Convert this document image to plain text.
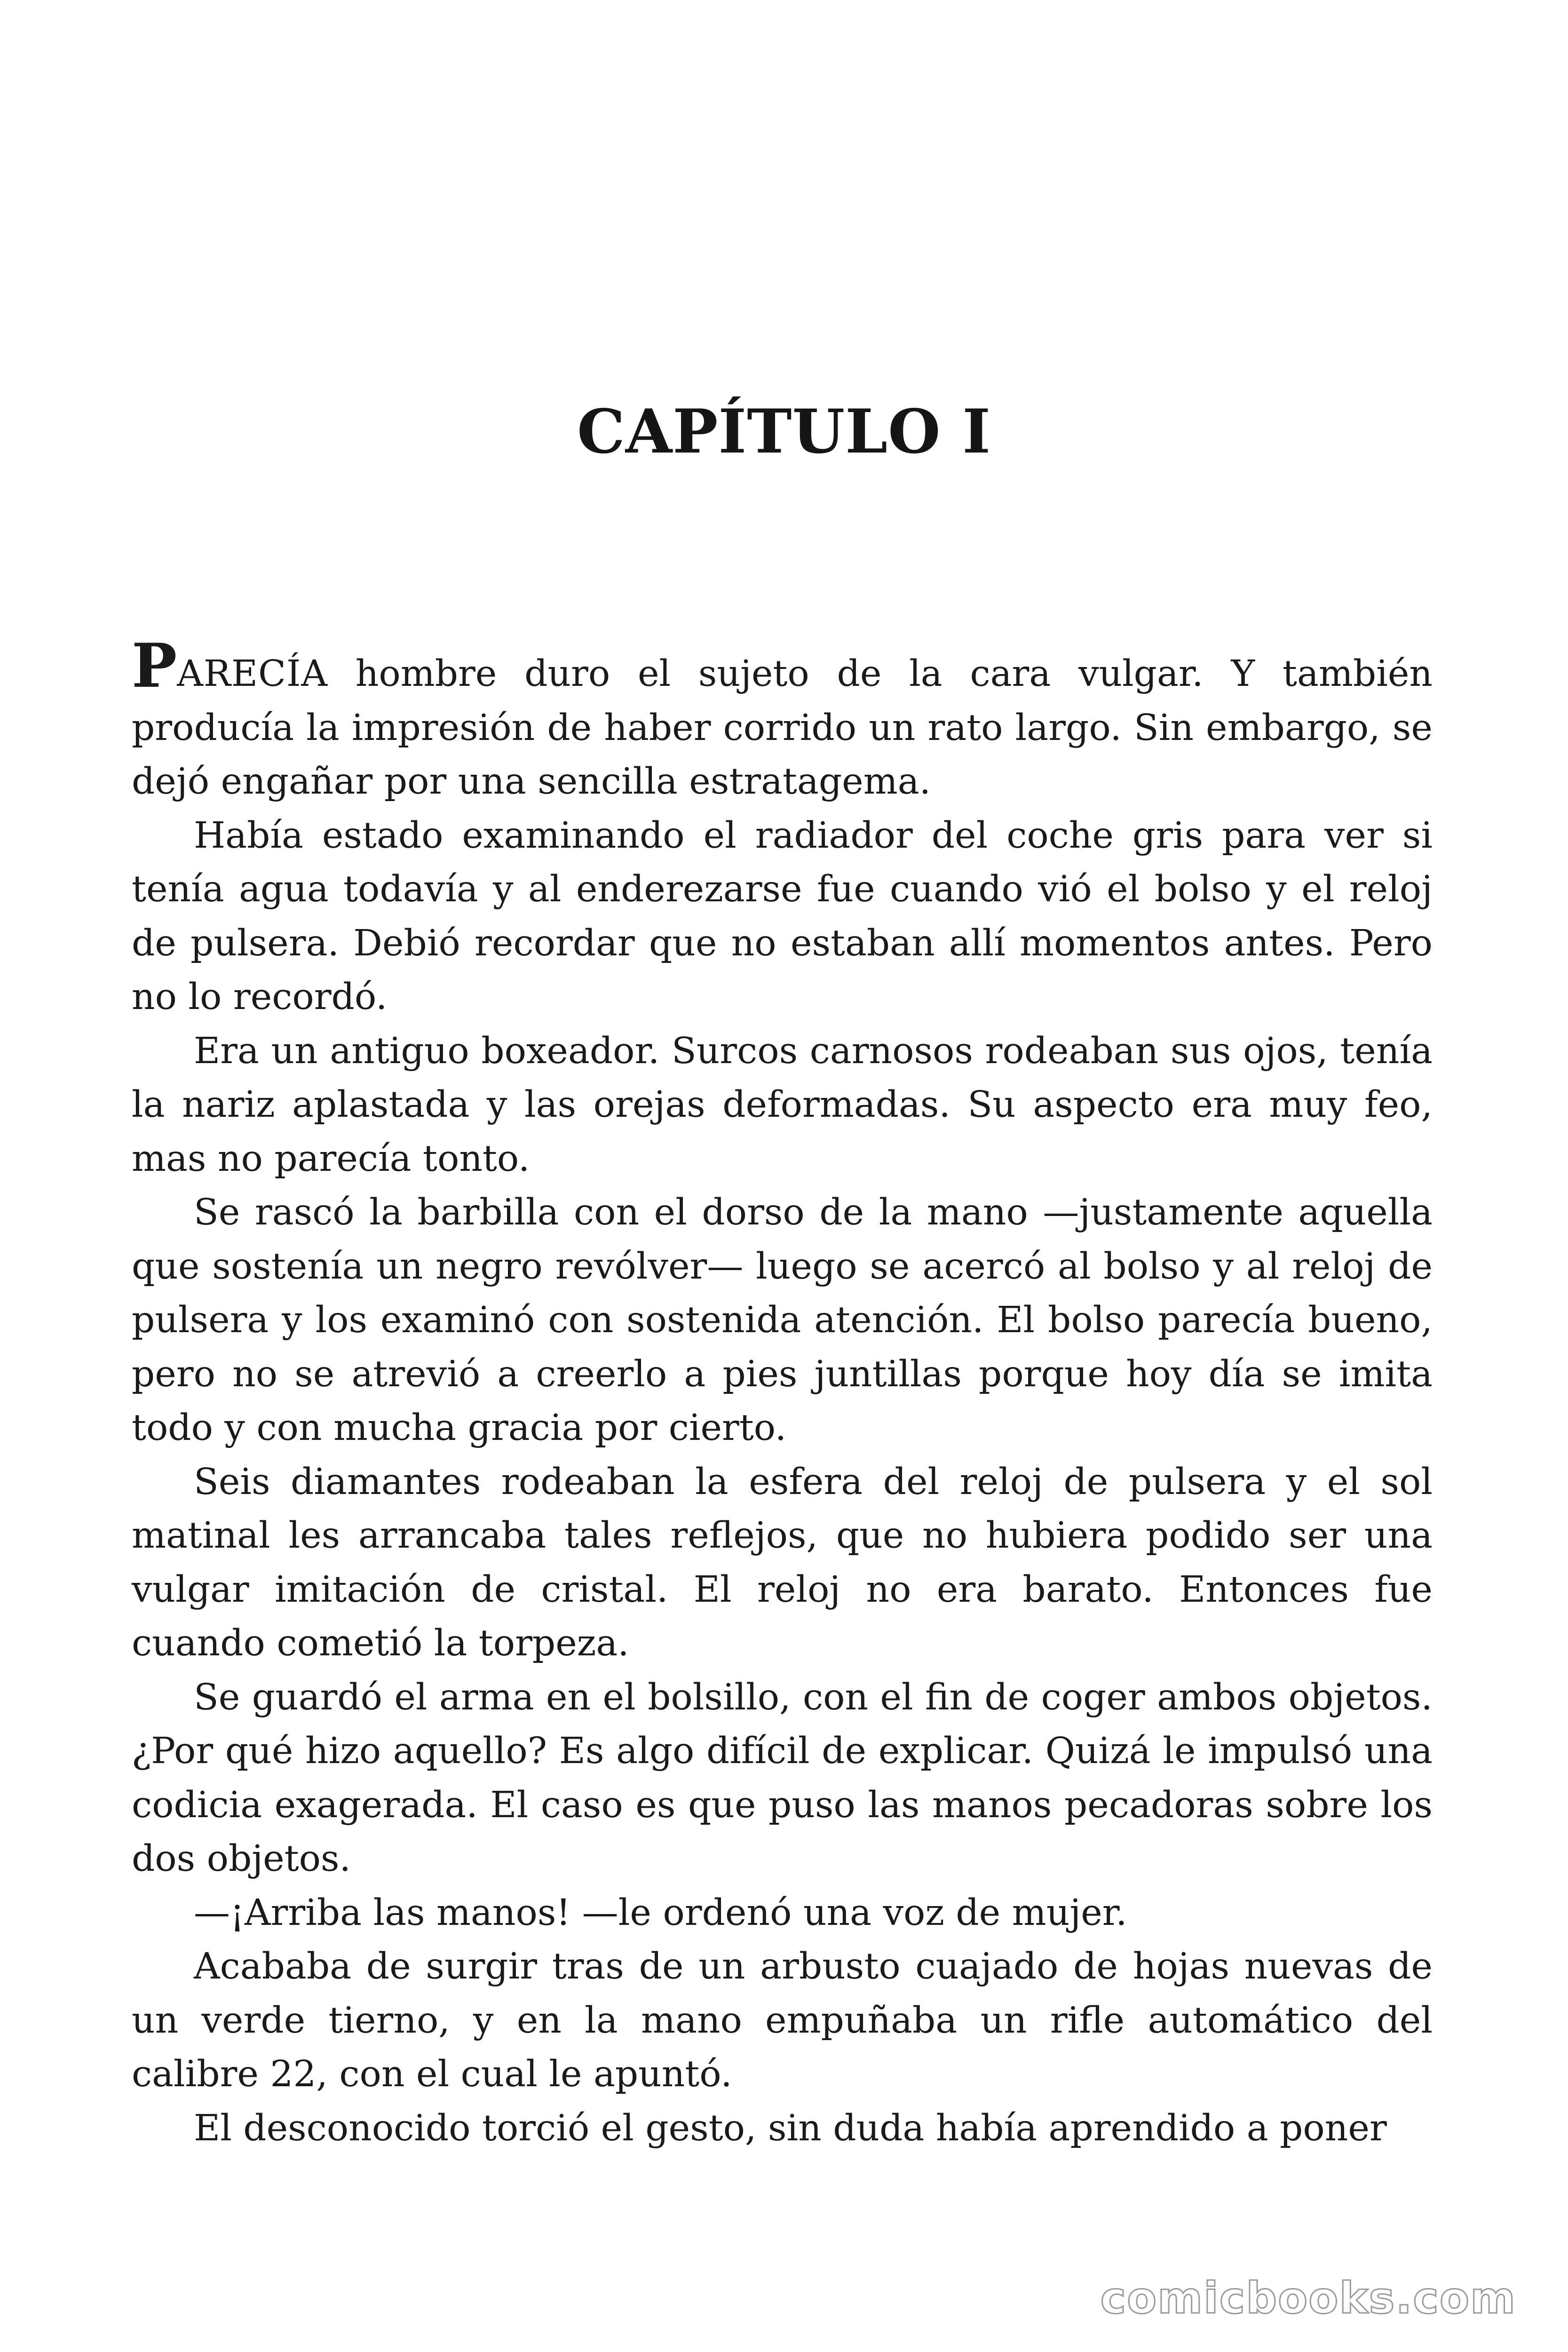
CAPÍTULO I

PARECÍA hombre duro el sujeto de la cara vulgar. Y también producía la impresión de haber corrido un rato largo. Sin embargo, se dejó engañar por una sencilla estratagema.

Había estado examinando el radiador del coche gris para ver si tenía agua todavía y al enderezarse fue cuando vió el bolso y el reloj de pulsera. Debió recordar que no estaban allí momentos antes. Pero no lo recordó.

Era un antiguo boxeador. Surcos carnosos rodeaban sus ojos, tenía la nariz aplastada y las orejas deformadas. Su aspecto era muy feo, mas no parecía tonto.

Se rascó la barbilla con el dorso de la mano —justamente aquella que sostenía un negro revólver— luego se acercó al bolso y al reloj de pulsera y los examinó con sostenida atención. El bolso parecía bueno, pero no se atrevió a creerlo a pies juntillas porque hoy día se imita todo y con mucha gracia por cierto.

Seis diamantes rodeaban la esfera del reloj de pulsera y el sol matinal les arrancaba tales reflejos, que no hubiera podido ser una vulgar imitación de cristal. El reloj no era barato. Entonces fue cuando cometió la torpeza.

Se guardó el arma en el bolsillo, con el fin de coger ambos objetos. ¿Por qué hizo aquello? Es algo difícil de explicar. Quizá le impulsó una codicia exagerada. El caso es que puso las manos pecadoras sobre los dos objetos.

—¡Arriba las manos! —le ordenó una voz de mujer.

Acababa de surgir tras de un arbusto cuajado de hojas nuevas de un verde tierno, y en la mano empuñaba un rifle automático del calibre 22, con el cual le apuntó.

El desconocido torció el gesto, sin duda había aprendido a poner

comicbooks.com
